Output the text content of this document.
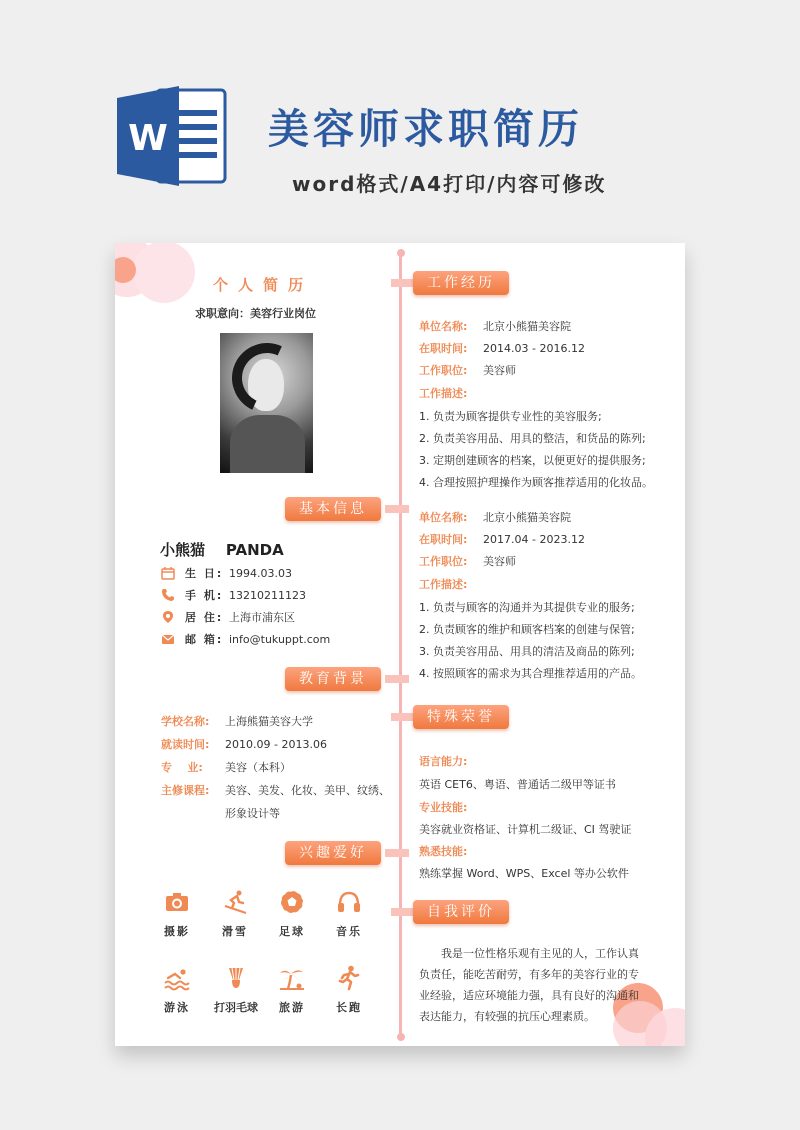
W 美容师求职简历
word格式/A4打印/内容可修改
个人简历
求职意向：美容行业岗位
基本信息
小熊猫    PANDA
生 日: 1994.03.03
手 机: 13210211123
居 住: 上海市浦东区
邮 箱: info@tukuppt.com
教育背景
学校名称: 上海熊猫美容大学
就读时间: 2010.09 - 2013.06
专    业: 美容（本科）
主修课程: 美容、美发、化妆、美甲、纹绣、
形象设计等
兴趣爱好
摄影	滑雪	足球	音乐
游泳	打羽毛球	旅游	长跑
工作经历
单位名称: 北京小熊猫美容院
在职时间: 2014.03 - 2016.12
工作职位: 美容师
工作描述:
1. 负责为顾客提供专业性的美容服务;
2. 负责美容用品、用具的整洁，和货品的陈列;
3. 定期创建顾客的档案，以便更好的提供服务;
4. 合理按照护理操作为顾客推荐适用的化妆品。
单位名称: 北京小熊猫美容院
在职时间: 2017.04 - 2023.12
工作职位: 美容师
工作描述:
1. 负责与顾客的沟通并为其提供专业的服务;
2. 负责顾客的维护和顾客档案的创建与保管;
3. 负责美容用品、用具的清洁及商品的陈列;
4. 按照顾客的需求为其合理推荐适用的产品。
特殊荣誉
语言能力:
英语 CET6、粤语、普通话二级甲等证书
专业技能:
美容就业资格证、计算机二级证、CI 驾驶证
熟悉技能:
熟练掌握 Word、WPS、Excel 等办公软件
自我评价
我是一位性格乐观有主见的人，工作认真负责任，能吃苦耐劳，有多年的美容行业的专业经验，适应环境能力强，具有良好的沟通和表达能力，有较强的抗压心理素质。
